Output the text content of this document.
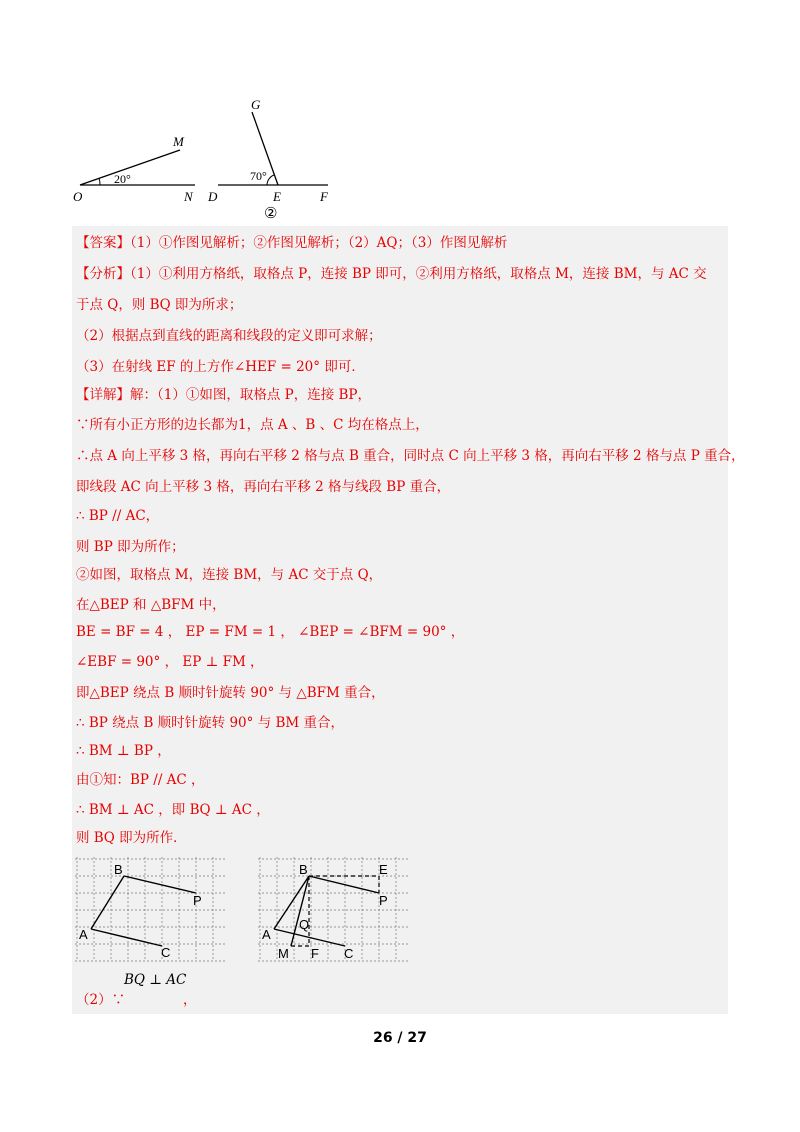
O
M
N
20°
G
70°
D	E	F
②
【答案】（1）①作图见解析；②作图见解析；（2）AQ；（3）作图见解析
【分析】（1）①利用方格纸，取格点 P，连接 BP 即可，②利用方格纸，取格点 M，连接 BM，与 AC 交
于点 Q，则 BQ 即为所求；
（2）根据点到直线的距离和线段的定义即可求解；
（3）在射线 EF 的上方作∠HEF = 20° 即可．
【详解】解：（1）①如图，取格点 P，连接 BP，
∵所有小正方形的边长都为1，点 A 、B 、C 均在格点上，
∴点 A 向上平移 3 格，再向右平移 2 格与点 B 重合，同时点 C 向上平移 3 格，再向右平移 2 格与点 P 重合，
即线段 AC 向上平移 3 格，再向右平移 2 格与线段 BP 重合，
∴ BP // AC，
则 BP 即为所作；
②如图，取格点 M，连接 BM，与 AC 交于点 Q，
在△BEP 和 △BFM 中，
BE = BF = 4 ， EP = FM = 1 ， ∠BEP = ∠BFM = 90° ，
∠EBF = 90° ， EP ⊥ FM ，
即△BEP 绕点 B 顺时针旋转 90° 与 △BFM 重合，
∴ BP 绕点 B 顺时针旋转 90° 与 BM 重合，
∴ BM ⊥ BP ，
由①知：BP // AC ，
∴ BM ⊥ AC ，即 BQ ⊥ AC ，
则 BQ 即为所作．
B
P
A
C
B	E
P
Q
A
M F C
BQ ⊥ AC
（2）∵	，
26 / 27
